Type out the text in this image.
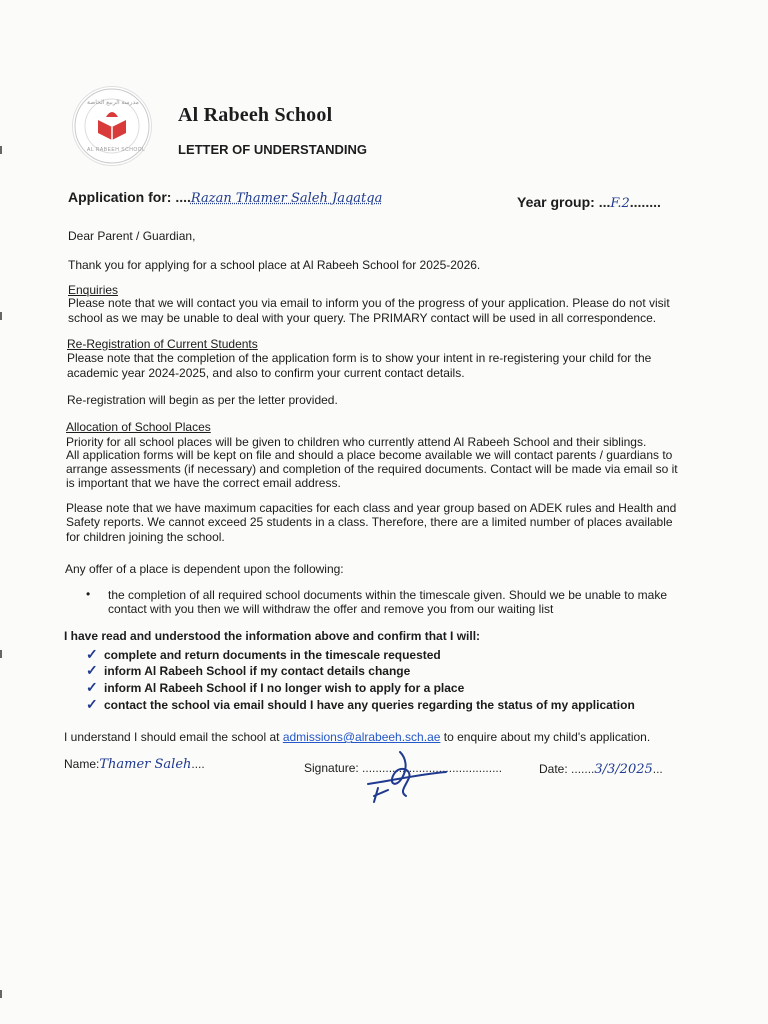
مدرسة الربيع الخاصة
AL RABEEH SCHOOL
Al Rabeeh School
LETTER OF UNDERSTANDING
Application for: ....Razan Thamer Saleh Jaqatqa	Year group: ...F.2........
Dear Parent / Guardian,
Thank you for applying for a school place at Al Rabeeh School for 2025-2026.
Enquiries
Please note that we will contact you via email to inform you of the progress of your application. Please do not visit
school as we may be unable to deal with your query. The PRIMARY contact will be used in all correspondence.
Re-Registration of Current Students
Please note that the completion of the application form is to show your intent in re-registering your child for the
academic year 2024-2025, and also to confirm your current contact details.
Re-registration will begin as per the letter provided.
Allocation of School Places
Priority for all school places will be given to children who currently attend Al Rabeeh School and their siblings.
All application forms will be kept on file and should a place become available we will contact parents / guardians to
arrange assessments (if necessary) and completion of the required documents. Contact will be made via email so it
is important that we have the correct email address.
Please note that we have maximum capacities for each class and year group based on ADEK rules and Health and
Safety reports. We cannot exceed 25 students in a class. Therefore, there are a limited number of places available
for children joining the school.
Any offer of a place is dependent upon the following:
• the completion of all required school documents within the timescale given. Should we be unable to make
contact with you then we will withdraw the offer and remove you from our waiting list
I have read and understood the information above and confirm that I will:
✓ complete and return documents in the timescale requested
✓ inform Al Rabeeh School if my contact details change
✓ inform Al Rabeeh School if I no longer wish to apply for a place
✓ contact the school via email should I have any queries regarding the status of my application
I understand I should email the school at admissions@alrabeeh.sch.ae to enquire about my child's application.
Name:Thamer Saleh....	Signature: ..........................................	Date: .......3/3/2025...
